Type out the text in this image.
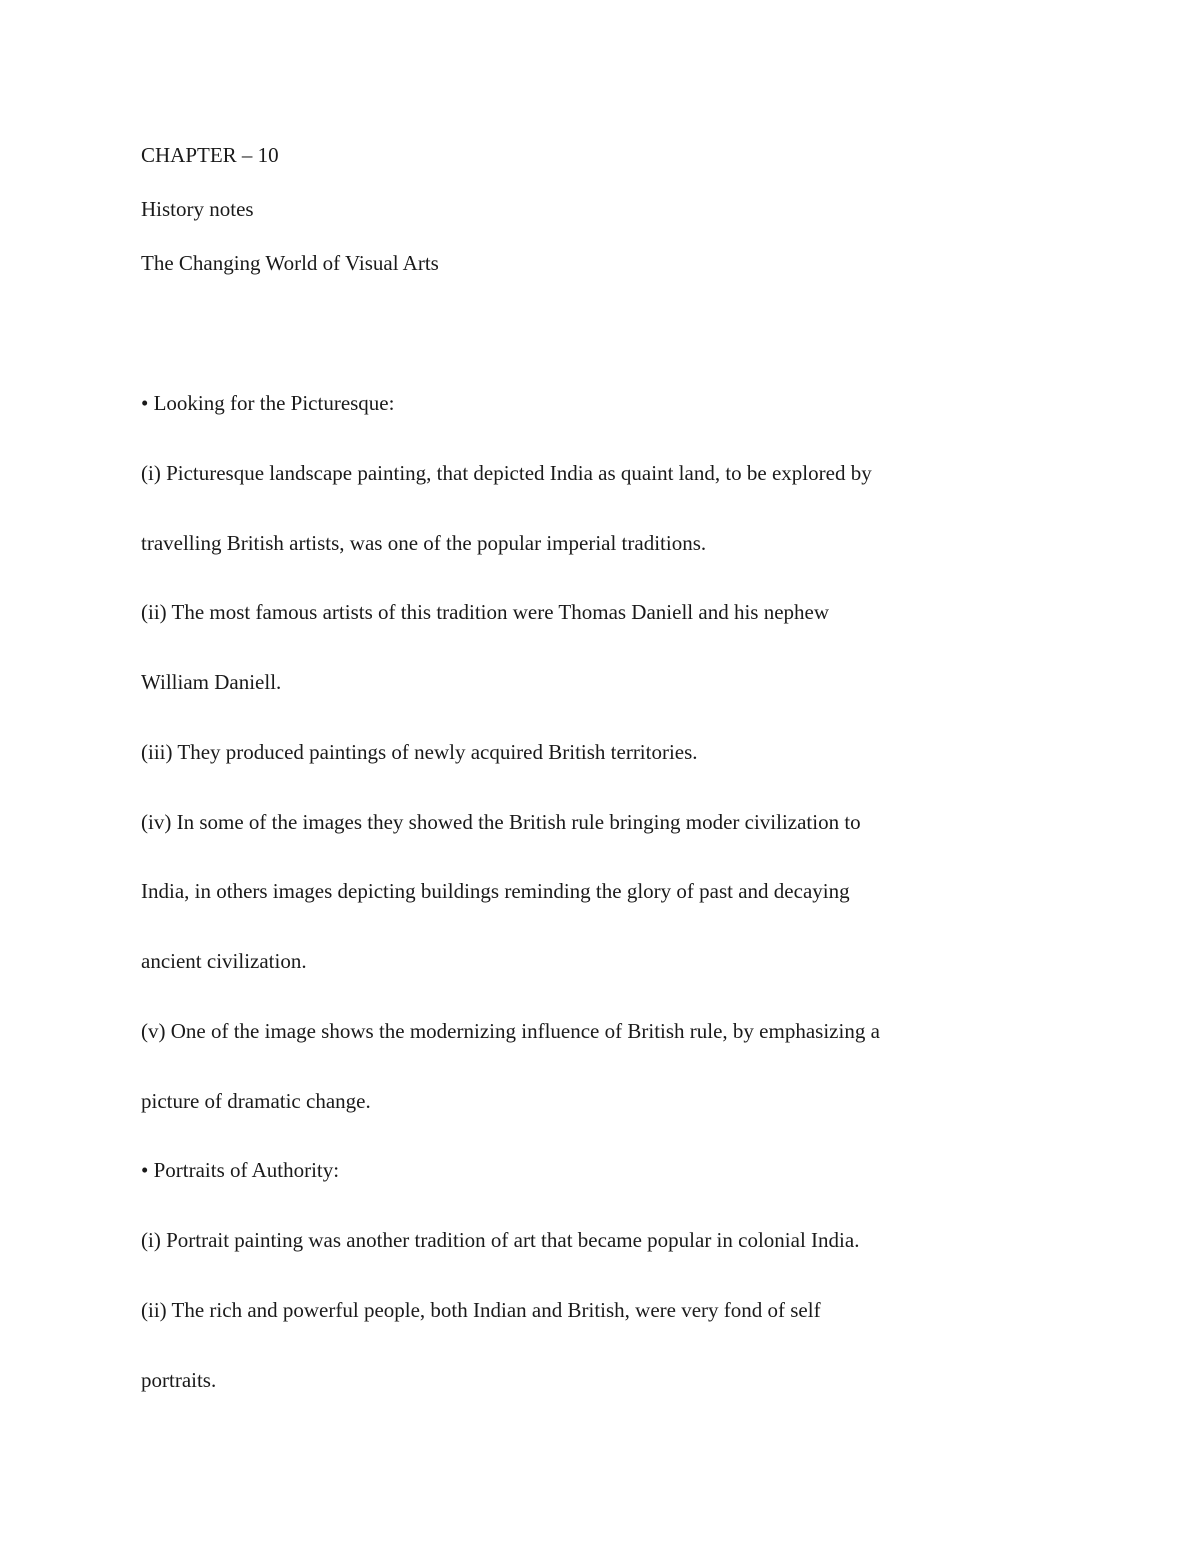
CHAPTER – 10
History notes
The Changing World of Visual Arts
• Looking for the Picturesque:
(i) Picturesque landscape painting, that depicted India as quaint land, to be explored by
travelling British artists, was one of the popular imperial traditions.
(ii) The most famous artists of this tradition were Thomas Daniell and his nephew
William Daniell.
(iii) They produced paintings of newly acquired British territories.
(iv) In some of the images they showed the British rule bringing moder civilization to
India, in others images depicting buildings reminding the glory of past and decaying
ancient civilization.
(v) One of the image shows the modernizing influence of British rule, by emphasizing a
picture of dramatic change.
• Portraits of Authority:
(i) Portrait painting was another tradition of art that became popular in colonial India.
(ii) The rich and powerful people, both Indian and British, were very fond of self
portraits.
